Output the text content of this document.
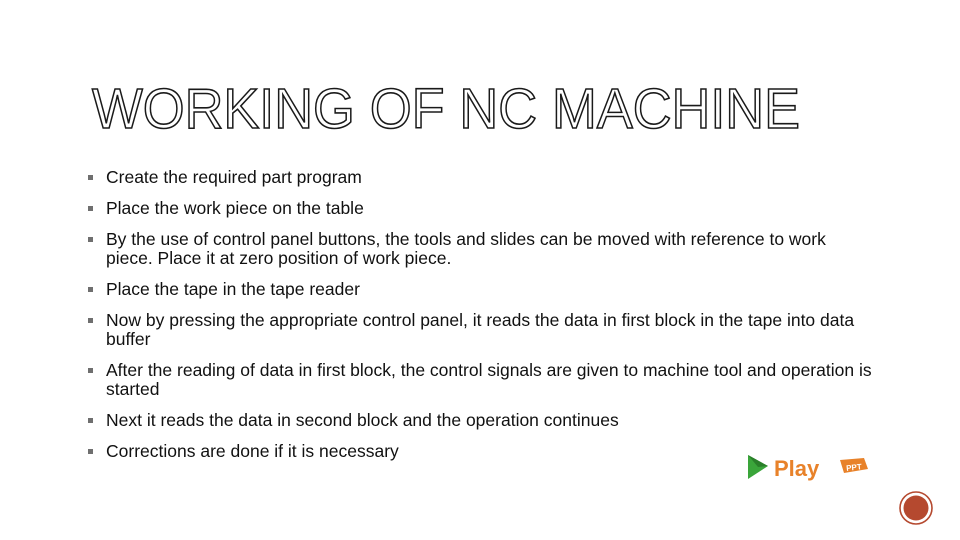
WORKING OF NC MACHINE
Create the required part program
Place the work piece on the table
By the use of control panel buttons, the tools and slides can be moved with reference to work piece. Place it at zero position of work piece.
Place the tape in the tape reader
Now by pressing the appropriate control panel, it reads the data in first block in the tape into data buffer
After the reading of data in first block, the control signals are given to machine tool and operation is started
Next it reads the data in second block and the operation continues
Corrections are done if it is necessary
Play	PPT
